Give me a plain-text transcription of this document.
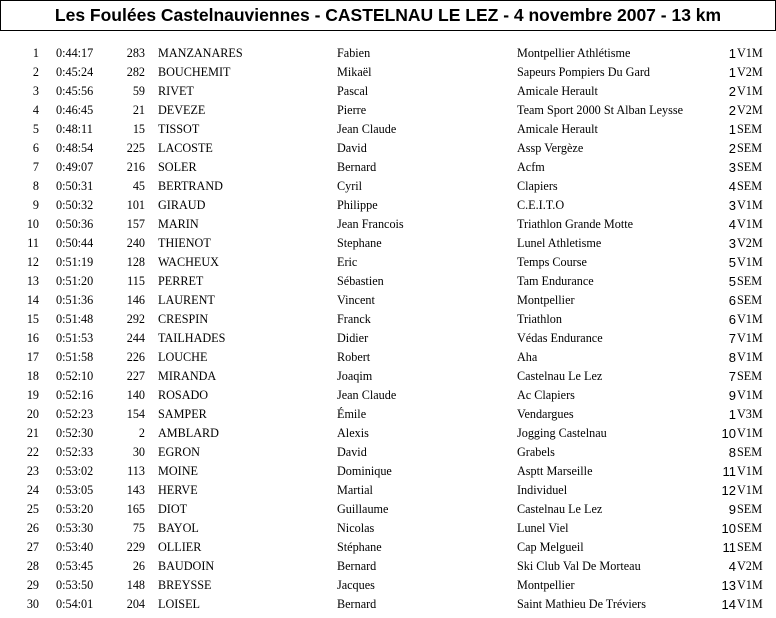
Les Foulées Castelnauviennes - CASTELNAU LE LEZ - 4 novembre 2007 - 13 km
1 0:44:17	283 MANZANARES	Fabien	Montpellier Athlétisme	1 V1M
2 0:45:24	282 BOUCHEMIT	Mikaël	Sapeurs Pompiers Du Gard	1 V2M
3 0:45:56	59 RIVET	Pascal	Amicale Herault	2 V1M
4 0:46:45	21 DEVEZE	Pierre	Team Sport 2000 St Alban Leysse	2 V2M
5 0:48:11	15 TISSOT	Jean Claude	Amicale Herault	1 SEM
6 0:48:54	225 LACOSTE	David	Assp Vergèze	2 SEM
7 0:49:07	216 SOLER	Bernard	Acfm	3 SEM
8 0:50:31	45 BERTRAND	Cyril	Clapiers	4 SEM
9 0:50:32	101 GIRAUD	Philippe	C.E.I.T.O	3 V1M
10 0:50:36	157 MARIN	Jean Francois	Triathlon Grande Motte	4 V1M
11 0:50:44	240 THIENOT	Stephane	Lunel Athletisme	3 V2M
12 0:51:19	128 WACHEUX	Eric	Temps Course	5 V1M
13 0:51:20	115 PERRET	Sébastien	Tam Endurance	5 SEM
14 0:51:36	146 LAURENT	Vincent	Montpellier	6 SEM
15 0:51:48	292 CRESPIN	Franck	Triathlon	6 V1M
16 0:51:53	244 TAILHADES	Didier	Védas Endurance	7 V1M
17 0:51:58	226 LOUCHE	Robert	Aha	8 V1M
18 0:52:10	227 MIRANDA	Joaqim	Castelnau Le Lez	7 SEM
19 0:52:16	140 ROSADO	Jean Claude	Ac Clapiers	9 V1M
20 0:52:23	154 SAMPER	Émile	Vendargues	1 V3M
21 0:52:30	2 AMBLARD	Alexis	Jogging Castelnau	10 V1M
22 0:52:33	30 EGRON	David	Grabels	8 SEM
23 0:53:02	113 MOINE	Dominique	Asptt Marseille	11 V1M
24 0:53:05	143 HERVE	Martial	Individuel	12 V1M
25 0:53:20	165 DIOT	Guillaume	Castelnau Le Lez	9 SEM
26 0:53:30	75 BAYOL	Nicolas	Lunel Viel	10 SEM
27 0:53:40	229 OLLIER	Stéphane	Cap Melgueil	11 SEM
28 0:53:45	26 BAUDOIN	Bernard	Ski Club Val De Morteau	4 V2M
29 0:53:50	148 BREYSSE	Jacques	Montpellier	13 V1M
30 0:54:01	204 LOISEL	Bernard	Saint Mathieu De Tréviers	14 V1M
